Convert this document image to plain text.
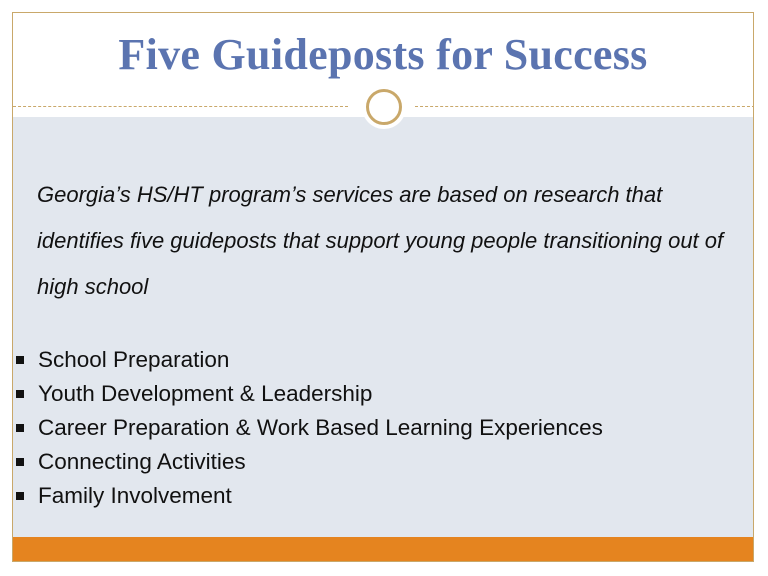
Five Guideposts for Success

Georgia’s HS/HT program’s services are based on research that identifies five guideposts that support young people transitioning out of high school

School Preparation
Youth Development & Leadership
Career Preparation & Work Based Learning Experiences
Connecting Activities
Family Involvement
